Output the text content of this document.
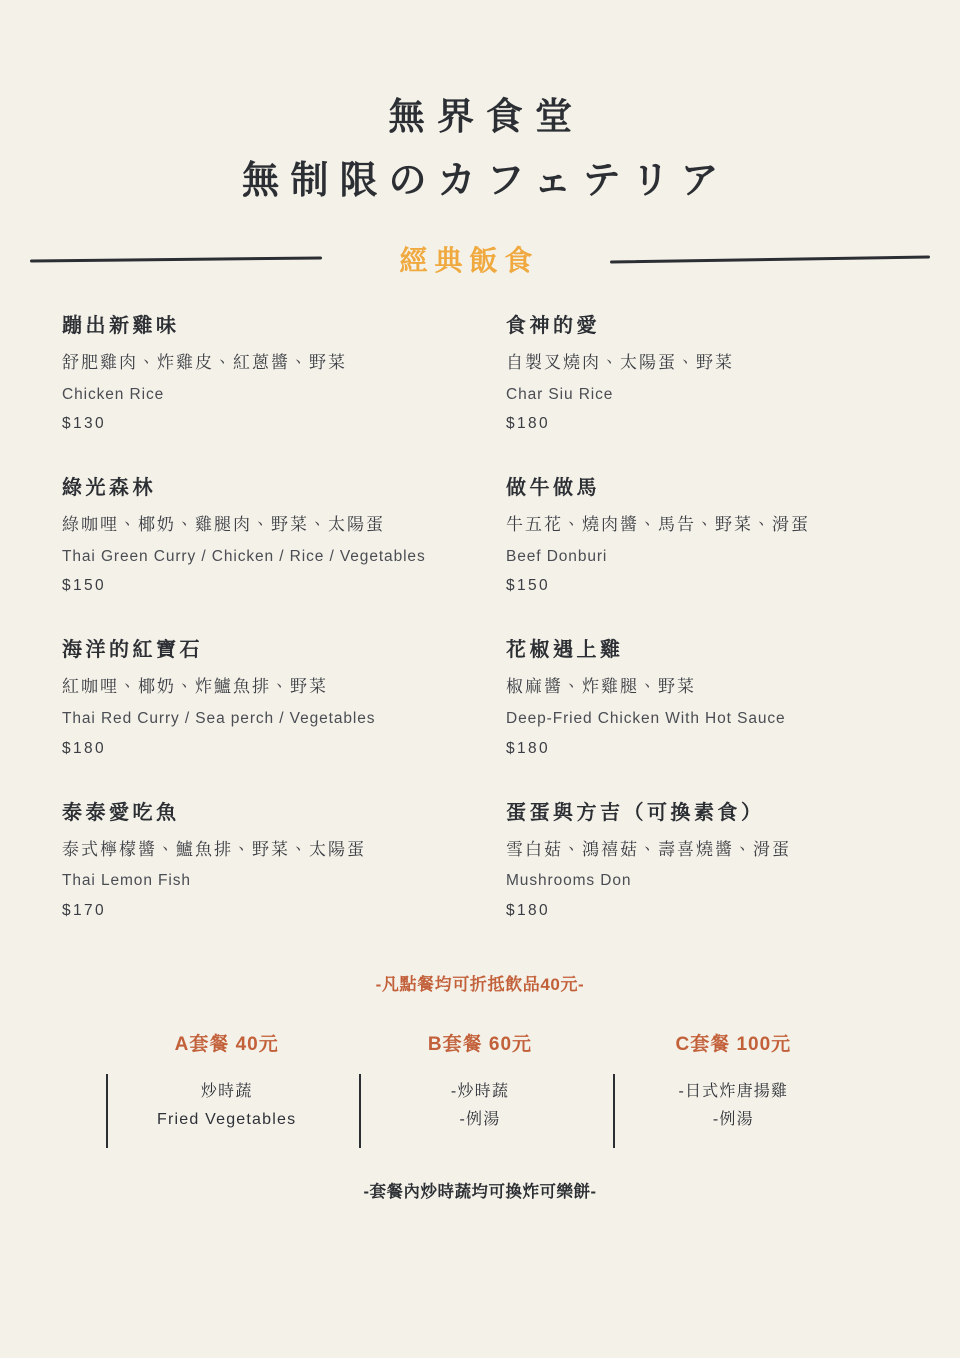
無界食堂
無制限のカフェテリア
經典飯食
蹦出新雞味
舒肥雞肉、炸雞皮、紅蔥醬、野菜
Chicken Rice
$130
食神的愛
自製叉燒肉、太陽蛋、野菜
Char Siu Rice
$180
綠光森林
綠咖哩、椰奶、雞腿肉、野菜、太陽蛋
Thai Green Curry / Chicken / Rice / Vegetables
$150
做牛做馬
牛五花、燒肉醬、馬告、野菜、滑蛋
Beef Donburi
$150
海洋的紅寶石
紅咖哩、椰奶、炸鱸魚排、野菜
Thai Red Curry / Sea perch / Vegetables
$180
花椒遇上雞
椒麻醬、炸雞腿、野菜
Deep-Fried Chicken With Hot Sauce
$180
泰泰愛吃魚
泰式檸檬醬、鱸魚排、野菜、太陽蛋
Thai Lemon Fish
$170
蛋蛋與方吉（可換素食）
雪白菇、鴻禧菇、壽喜燒醬、滑蛋
Mushrooms Don
$180
-凡點餐均可折抵飲品40元-
A套餐 40元
炒時蔬
Fried Vegetables
B套餐 60元
-炒時蔬
-例湯
C套餐 100元
-日式炸唐揚雞
-例湯
-套餐內炒時蔬均可換炸可樂餅-
